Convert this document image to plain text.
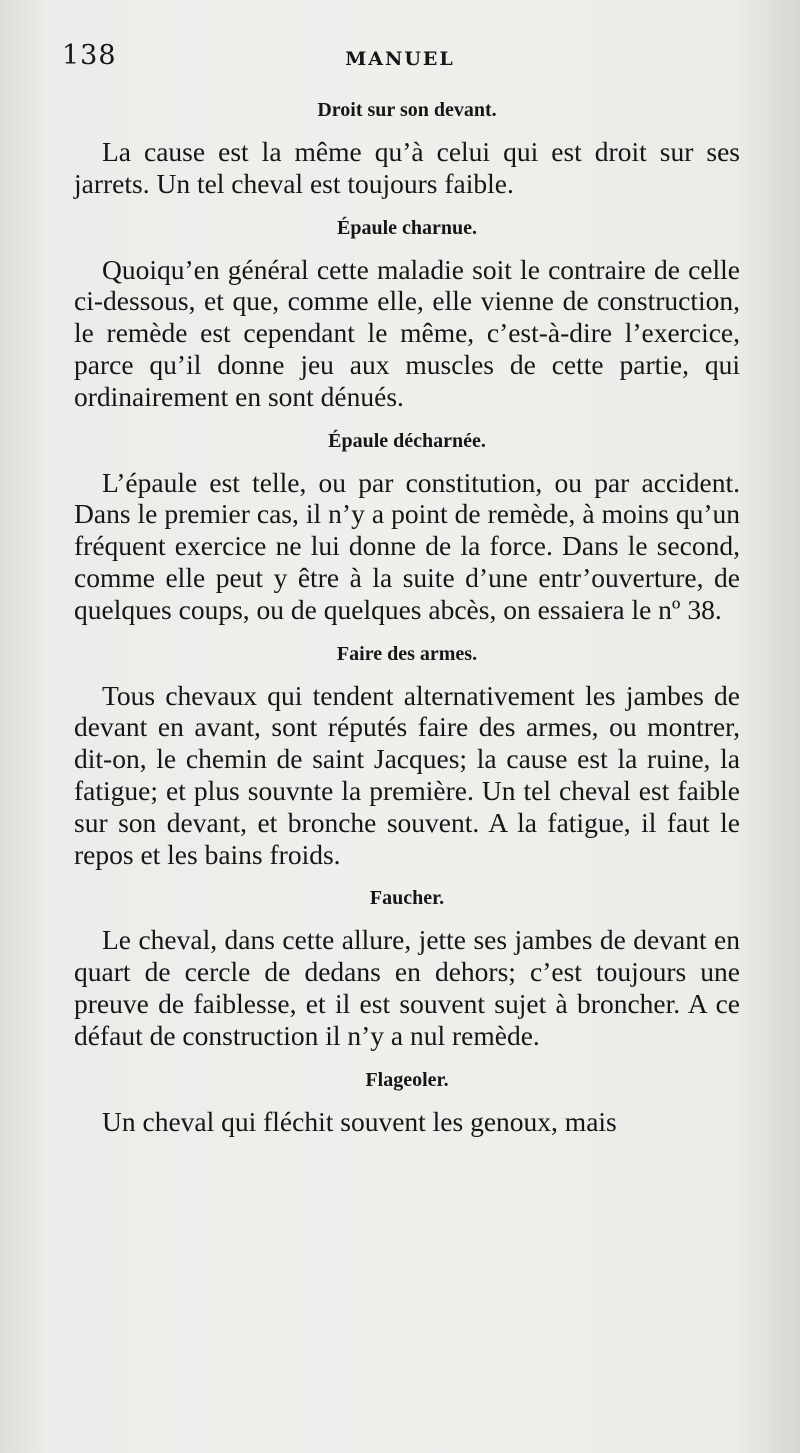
138	MANUEL
Droit sur son devant.

La cause est la même qu’à celui qui est droit sur ses jarrets. Un tel cheval est toujours faible.

Épaule charnue.

Quoiqu’en général cette maladie soit le contraire de celle ci-dessous, et que, comme elle, elle vienne de construction, le remède est cependant le même, c’est-à-dire l’exercice, parce qu’il donne jeu aux muscles de cette partie, qui ordinairement en sont dénués.

Épaule décharnée.

L’épaule est telle, ou par constitution, ou par accident. Dans le premier cas, il n’y a point de remède, à moins qu’un fréquent exercice ne lui donne de la force. Dans le second, comme elle peut y être à la suite d’une entr’ouverture, de quelques coups, ou de quelques abcès, on essaiera le nº 38.

Faire des armes.

Tous chevaux qui tendent alternativement les jambes de devant en avant, sont réputés faire des armes, ou montrer, dit-on, le chemin de saint Jacques; la cause est la ruine, la fatigue; et plus souvnte la première. Un tel cheval est faible sur son devant, et bronche souvent. A la fatigue, il faut le repos et les bains froids.

Faucher.

Le cheval, dans cette allure, jette ses jambes de devant en quart de cercle de dedans en dehors; c’est toujours une preuve de faiblesse, et il est souvent sujet à broncher. A ce défaut de construction il n’y a nul remède.

Flageoler.

Un cheval qui fléchit souvent les genoux, mais
